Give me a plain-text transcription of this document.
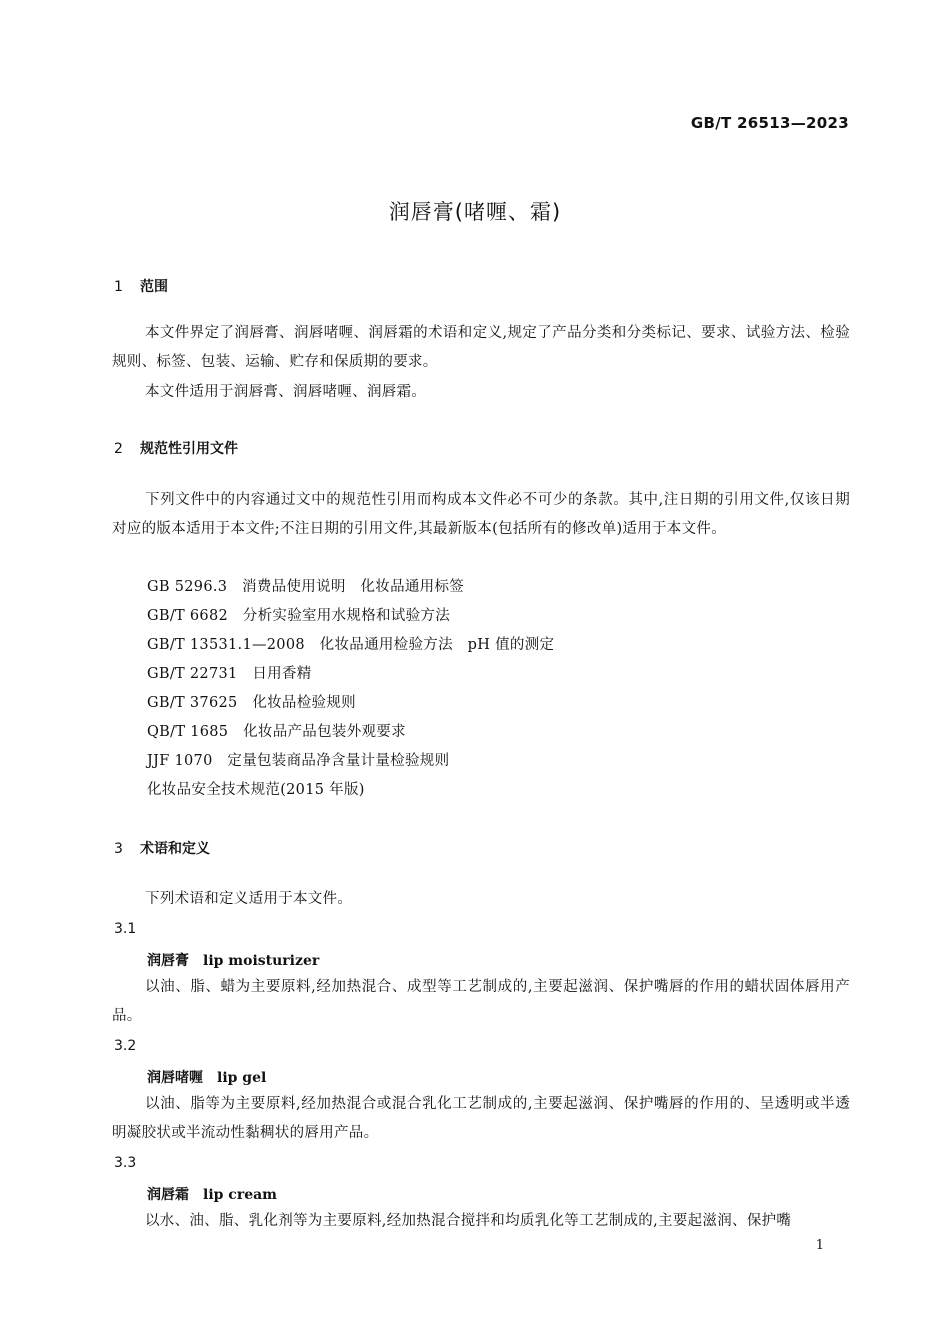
GB/T 26513—2023
润唇膏(啫喱、霜)
1 范围
本文件界定了润唇膏、润唇啫喱、润唇霜的术语和定义,规定了产品分类和分类标记、要求、试验方法、检验规则、标签、包装、运输、贮存和保质期的要求。
本文件适用于润唇膏、润唇啫喱、润唇霜。
2 规范性引用文件
下列文件中的内容通过文中的规范性引用而构成本文件必不可少的条款。其中,注日期的引用文件,仅该日期对应的版本适用于本文件;不注日期的引用文件,其最新版本(包括所有的修改单)适用于本文件。
GB 5296.3　消费品使用说明　化妆品通用标签
GB/T 6682　分析实验室用水规格和试验方法
GB/T 13531.1—2008　化妆品通用检验方法　pH 值的测定
GB/T 22731　日用香精
GB/T 37625　化妆品检验规则
QB/T 1685　化妆品产品包装外观要求
JJF 1070　定量包装商品净含量计量检验规则
化妆品安全技术规范(2015 年版)
3 术语和定义
下列术语和定义适用于本文件。
3.1
润唇膏 lip moisturizer
以油、脂、蜡为主要原料,经加热混合、成型等工艺制成的,主要起滋润、保护嘴唇的作用的蜡状固体唇用产品。
3.2
润唇啫喱 lip gel
以油、脂等为主要原料,经加热混合或混合乳化工艺制成的,主要起滋润、保护嘴唇的作用的、呈透明或半透明凝胶状或半流动性黏稠状的唇用产品。
3.3
润唇霜 lip cream
以水、油、脂、乳化剂等为主要原料,经加热混合搅拌和均质乳化等工艺制成的,主要起滋润、保护嘴
1
